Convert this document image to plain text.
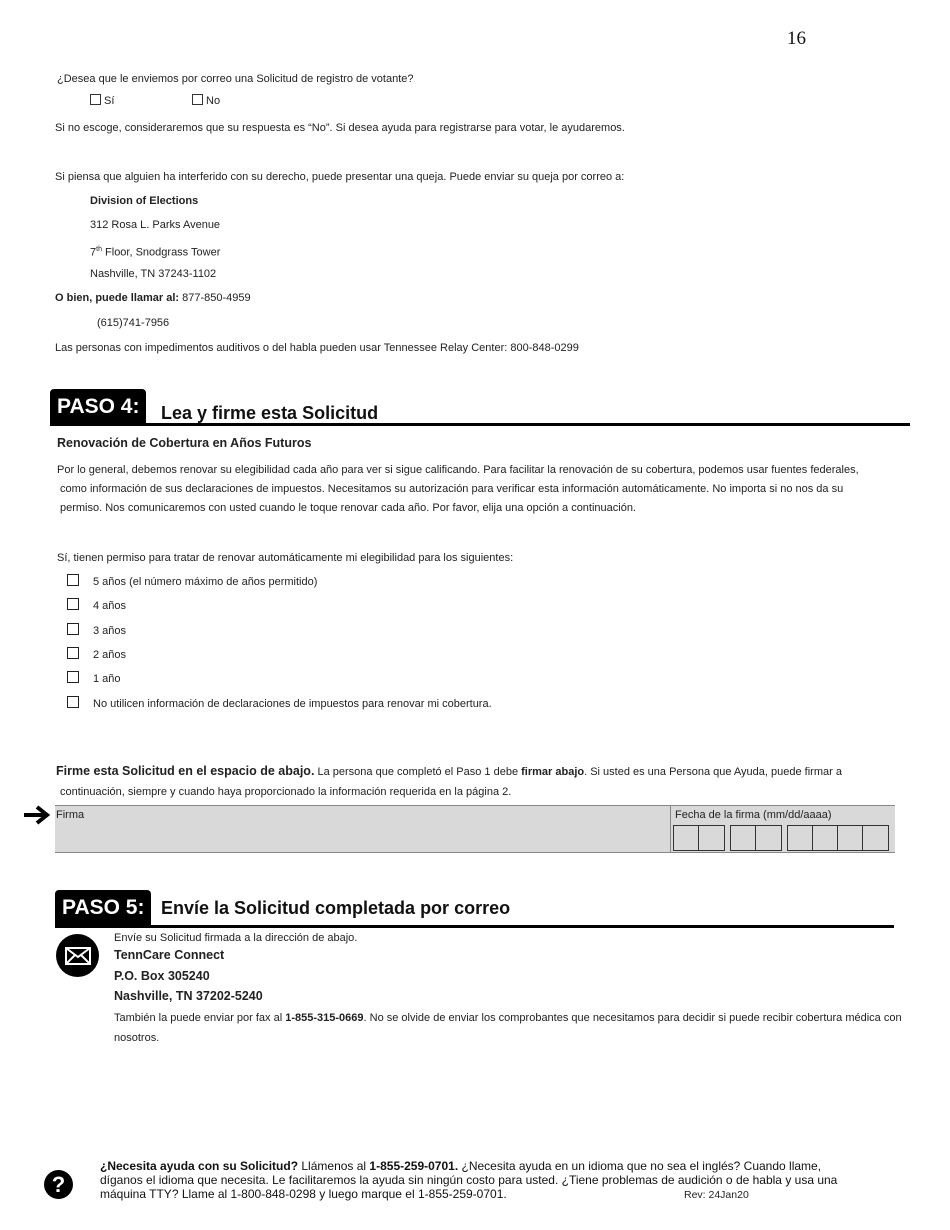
16
¿Desea que le enviemos por correo una Solicitud de registro de votante?
Sí	No
Si no escoge, consideraremos que su respuesta es “No”. Si desea ayuda para registrarse para votar, le ayudaremos.
Si piensa que alguien ha interferido con su derecho, puede presentar una queja. Puede enviar su queja por correo a:
Division of Elections
312 Rosa L. Parks Avenue
7th Floor, Snodgrass Tower
Nashville, TN 37243-1102
O bien, puede llamar al: 877-850-4959
(615)741-7956
Las personas con impedimentos auditivos o del habla pueden usar Tennessee Relay Center: 800-848-0299
PASO 4:	Lea y firme esta Solicitud
Renovación de Cobertura en Años Futuros
Por lo general, debemos renovar su elegibilidad cada año para ver si sigue calificando. Para facilitar la renovación de su cobertura, podemos usar fuentes federales,
como información de sus declaraciones de impuestos. Necesitamos su autorización para verificar esta información automáticamente. No importa si no nos da su
permiso. Nos comunicaremos con usted cuando le toque renovar cada año. Por favor, elija una opción a continuación.
Sí, tienen permiso para tratar de renovar automáticamente mi elegibilidad para los siguientes:
5 años (el número máximo de años permitido)
4 años
3 años
2 años
1 año
No utilicen información de declaraciones de impuestos para renovar mi cobertura.
Firme esta Solicitud en el espacio de abajo. La persona que completó el Paso 1 debe firmar abajo. Si usted es una Persona que Ayuda, puede firmar a
continuación, siempre y cuando haya proporcionado la información requerida en la página 2.
Firma	Fecha de la firma (mm/dd/aaaa)
PASO 5: Envíe la Solicitud completada por correo
Envíe su Solicitud firmada a la dirección de abajo.
TennCare Connect
P.O. Box 305240
Nashville, TN 37202-5240
También la puede enviar por fax al 1-855-315-0669. No se olvide de enviar los comprobantes que necesitamos para decidir si puede recibir cobertura médica con
nosotros.
?
¿Necesita ayuda con su Solicitud? Llámenos al 1-855-259-0701. ¿Necesita ayuda en un idioma que no sea el inglés? Cuando llame,
díganos el idioma que necesita. Le facilitaremos la ayuda sin ningún costo para usted. ¿Tiene problemas de audición o de habla y usa una
máquina TTY? Llame al 1-800-848-0298 y luego marque el 1-855-259-0701.	Rev: 24Jan20
